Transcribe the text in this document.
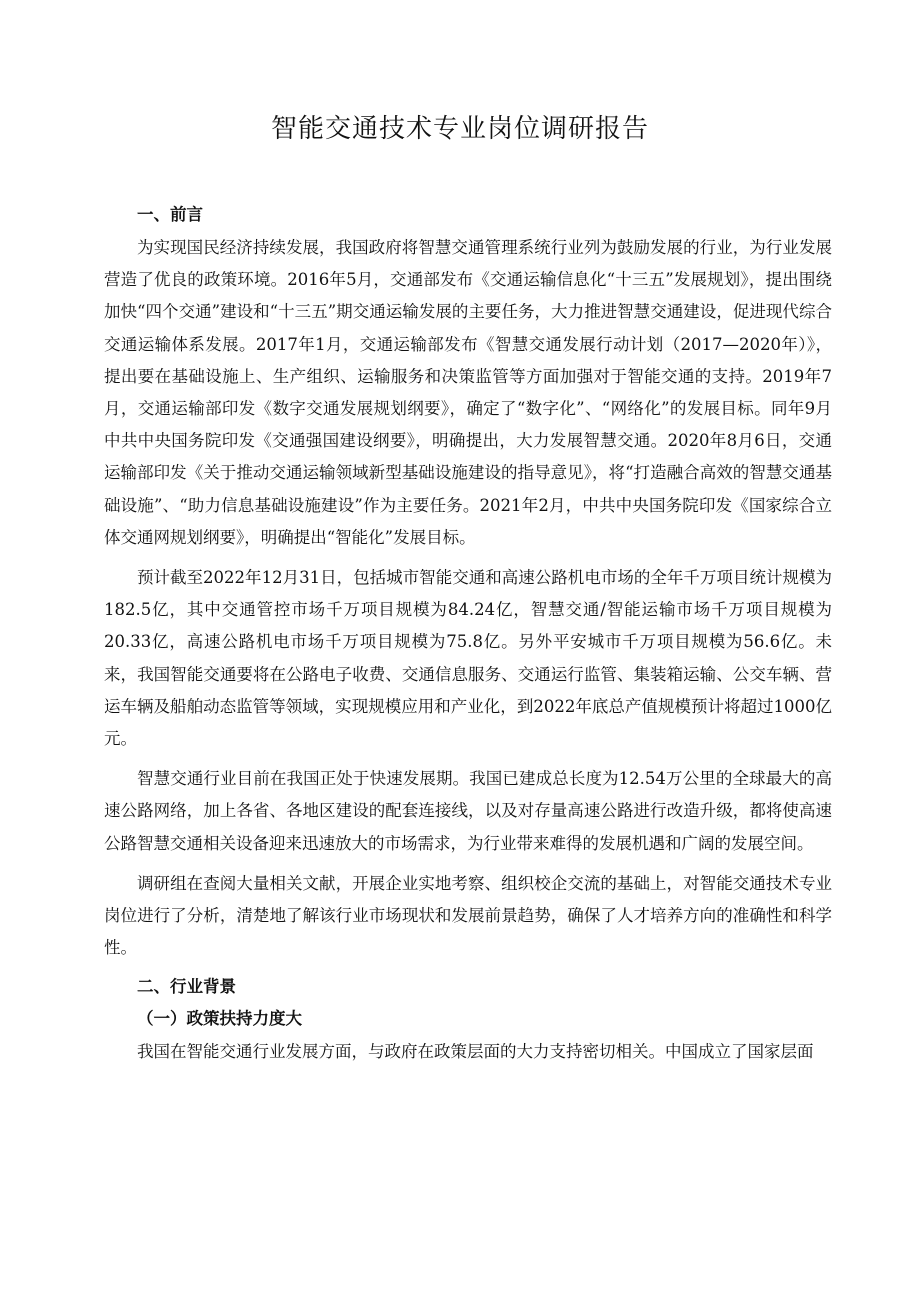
智能交通技术专业岗位调研报告
一、前言

为实现国民经济持续发展，我国政府将智慧交通管理系统行业列为鼓励发展的行业，为行业发展营造了优良的政策环境。2016年5月，交通部发布《交通运输信息化“十三五”发展规划》，提出围绕加快“四个交通”建设和“十三五”期交通运输发展的主要任务，大力推进智慧交通建设，促进现代综合交通运输体系发展。2017年1月，交通运输部发布《智慧交通发展行动计划（2017—2020年）》，提出要在基础设施上、生产组织、运输服务和决策监管等方面加强对于智能交通的支持。2019年7月，交通运输部印发《数字交通发展规划纲要》，确定了“数字化”、“网络化”的发展目标。同年9月中共中央国务院印发《交通强国建设纲要》，明确提出，大力发展智慧交通。2020年8月6日，交通运输部印发《关于推动交通运输领域新型基础设施建设的指导意见》，将“打造融合高效的智慧交通基础设施”、“助力信息基础设施建设”作为主要任务。2021年2月，中共中央国务院印发《国家综合立体交通网规划纲要》，明确提出“智能化”发展目标。

预计截至2022年12月31日，包括城市智能交通和高速公路机电市场的全年千万项目统计规模为182.5亿，其中交通管控市场千万项目规模为84.24亿，智慧交通/智能运输市场千万项目规模为20.33亿，高速公路机电市场千万项目规模为75.8亿。另外平安城市千万项目规模为56.6亿。未来，我国智能交通要将在公路电子收费、交通信息服务、交通运行监管、集装箱运输、公交车辆、营运车辆及船舶动态监管等领域，实现规模应用和产业化，到2022年底总产值规模预计将超过1000亿元。

智慧交通行业目前在我国正处于快速发展期。我国已建成总长度为12.54万公里的全球最大的高速公路网络，加上各省、各地区建设的配套连接线，以及对存量高速公路进行改造升级，都将使高速公路智慧交通相关设备迎来迅速放大的市场需求，为行业带来难得的发展机遇和广阔的发展空间。

调研组在查阅大量相关文献，开展企业实地考察、组织校企交流的基础上，对智能交通技术专业岗位进行了分析，清楚地了解该行业市场现状和发展前景趋势，确保了人才培养方向的准确性和科学性。

二、行业背景
（一）政策扶持力度大

我国在智能交通行业发展方面，与政府在政策层面的大力支持密切相关。中国成立了国家层面
